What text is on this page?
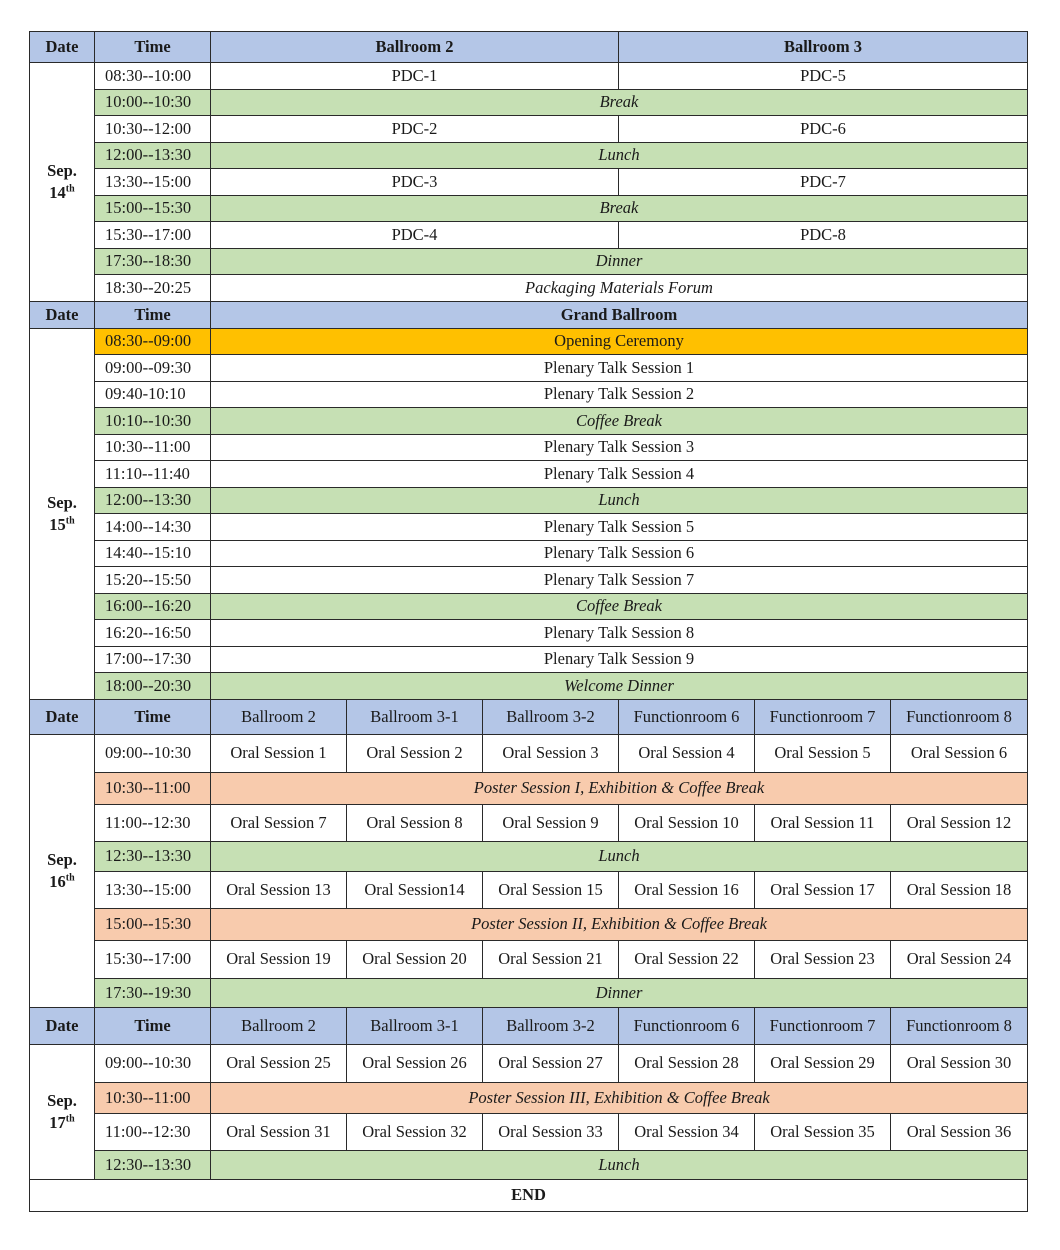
Date	Time	Ballroom 2			Ballroom 3		
Sep.
14th	08:30--10:00	PDC-1			PDC-5		
	10:00--10:30	Break					
	10:30--12:00	PDC-2			PDC-6		
	12:00--13:30	Lunch					
	13:30--15:00	PDC-3			PDC-7		
	15:00--15:30	Break					
	15:30--17:00	PDC-4			PDC-8		
	17:30--18:30	Dinner					
	18:30--20:25	Packaging Materials Forum					
Date	Time	Grand Ballroom					
Sep.
15th	08:30--09:00	Opening Ceremony					
	09:00--09:30	Plenary Talk Session 1					
	09:40-10:10	Plenary Talk Session 2					
	10:10--10:30	Coffee Break					
	10:30--11:00	Plenary Talk Session 3					
	11:10--11:40	Plenary Talk Session 4					
	12:00--13:30	Lunch					
	14:00--14:30	Plenary Talk Session 5					
	14:40--15:10	Plenary Talk Session 6					
	15:20--15:50	Plenary Talk Session 7					
	16:00--16:20	Coffee Break					
	16:20--16:50	Plenary Talk Session 8					
	17:00--17:30	Plenary Talk Session 9					
	18:00--20:30	Welcome Dinner					
Date	Time	Ballroom 2	Ballroom 3-1	Ballroom 3-2	Functionroom 6	Functionroom 7	Functionroom 8
Sep.
16th	09:00--10:30	Oral Session 1	Oral Session 2	Oral Session 3	Oral Session 4	Oral Session 5	Oral Session 6
	10:30--11:00	Poster Session I, Exhibition & Coffee Break					
	11:00--12:30	Oral Session 7	Oral Session 8	Oral Session 9	Oral Session 10	Oral Session 11	Oral Session 12
	12:30--13:30	Lunch					
	13:30--15:00	Oral Session 13	Oral Session14	Oral Session 15	Oral Session 16	Oral Session 17	Oral Session 18
	15:00--15:30	Poster Session II, Exhibition & Coffee Break					
	15:30--17:00	Oral Session 19	Oral Session 20	Oral Session 21	Oral Session 22	Oral Session 23	Oral Session 24
	17:30--19:30	Dinner					
Date	Time	Ballroom 2	Ballroom 3-1	Ballroom 3-2	Functionroom 6	Functionroom 7	Functionroom 8
Sep.
17th	09:00--10:30	Oral Session 25	Oral Session 26	Oral Session 27	Oral Session 28	Oral Session 29	Oral Session 30
	10:30--11:00	Poster Session III, Exhibition & Coffee Break					
	11:00--12:30	Oral Session 31	Oral Session 32	Oral Session 33	Oral Session 34	Oral Session 35	Oral Session 36
	12:30--13:30	Lunch					
END							
